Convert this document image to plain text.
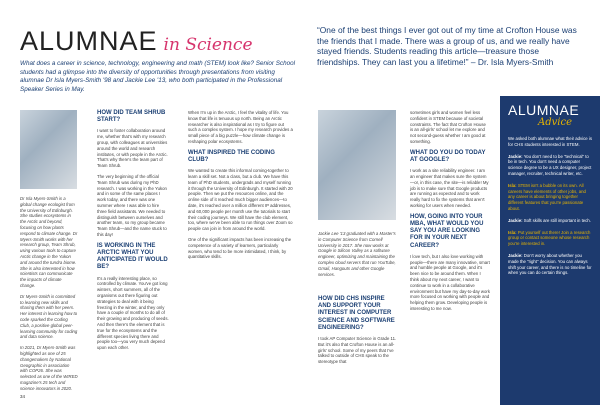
ALUMNAE in Science

What does a career in science, technology, engineering and math (STEM) look like? Senior School students had a glimpse into the diversity of opportunities through presentations from visiting alumnae Dr Isla Myers-Smith '98 and Jackie Lee '13, who both participated in the Professional Speaker Series in May.

“One of the best things I ever got out of my time at Crofton House was the friends that I made. There was a group of us, and we really have stayed friends. Students reading this article—treasure those friendships. They can last you a lifetime!” – Dr. Isla Myers-Smith

Dr Isla Myers-Smith is a global change ecologist from the University of Edinburgh. She studies ecosystems in the Arctic and beyond, focusing on how plants respond to climate change. Dr Myers-Smith works with her research group, Team Shrub, using various tools to capture Arctic change in the Yukon and around the tundra biome. She is also interested in how scientists can communicate the impacts of climate change.

Dr Myers-Smith is committed to learning new skills and sharing them with her peers. Her interest in learning how to code sparked the Coding Club, a positive global peer-learning community for coding and data science.

In 2021, Dr Myers-Smith was highlighted as one of 25 changemakers by National Geographic in association with COP26. She was selected as one of the WIRED magazine's 25 tech and science innovators in 2020.

HOW DID TEAM SHRUB START?

I want to foster collaboration around me, whether that's with my research group, with colleagues at universities around the world and research institutes, or with people in the Arctic. That's why there's the team part of Team Shrub.

The very beginning of the official Team Shrub was during my PhD research. I was working in the Yukon and in some of the same places I work today, and there was one summer where I was able to hire three field assistants. We needed to distinguish between ourselves and another team, so my group became Team Shrub—and the name stuck to this day!

IS WORKING IN THE ARCTIC WHAT YOU ANTICIPATED IT WOULD BE?

It's a really interesting place, so controlled by climate. You've got long winters, short summers, all of the organisms out there figuring out strategies to deal with it being freezing in the winter, and they only have a couple of months to do all of their growing and producing of seeds. And then there's the element that is true for the ecosystems and the different species living there and people too—you very much depend upon each other.

When I'm up in the Arctic, I feel the vitality of life. You know that life is tenuous up north. Being an Arctic researcher is also inspirational as I try to figure out such a complex system. I hope my research provides a small piece of a big puzzle—how climate change is reshaping polar ecosystems.

WHAT INSPIRED THE CODING CLUB?

We wanted to create this informal coming-together to learn a skill set. Not a class, but a club. We have this team of PhD students, undergrads and myself running it through the University of Edinburgh. It started with 20 people. Then we put the resources online, and the online side of it reached much bigger audiences—to date, it's reached over a million different IP addresses, and 60,000 people per month use the tutorials to start their coding journeys. We still have the club element, too, where we've been able to run things over Zoom so people can join in from around the world.

One of the significant impacts has been increasing the competence of a variety of learners, particularly women, who tend to be more intimidated, I think, by quantitative skills.

Jackie Lee '13 graduated with a Master's in Computer Science from Cornell University in 2017. She now works at Google in Silicon Valley as a software engineer, optimizing and maintaining the complex cloud servers that run YouTube, Gmail, Hangouts and other Google services.

HOW DID CHS INSPIRE AND SUPPORT YOUR INTEREST IN COMPUTER SCIENCE AND SOFTWARE ENGINEERING?

I took AP Computer Science in Grade 11. But it's also that Crofton House is an all-girls' school. Some of my peers that I've talked to outside of CHS speak to the stereotype that

sometimes girls and women feel less confident in STEM because of societal constraints. The fact that Crofton House is an all-girls' school let me explore and not second-guess whether I am good at something.

WHAT DO YOU DO TODAY AT GOOGLE?

I work as a site reliability engineer. I am an engineer that makes sure the system—or, in this case, the site—is reliable! My job is to make sure that Google products are running as expected and to work really hard to fix the systems that aren't working for users when needed.

HOW, GOING INTO YOUR MBA, WHAT WOULD YOU SAY YOU ARE LOOKING FOR IN YOUR NEXT CAREER?

I love tech, but I also love working with people—there are many innovative, smart and humble people at Google, and it's been nice to be around them. When I think about my next career, I want to continue to work in a collaborative environment but have my day-to-day work more focused on working with people and helping them grow. Developing people is interesting to me now.

ALUMNAE
Advice

We asked both alumnae what their advice is for CHS students interested in STEM.

Jackie: You don't need to be "technical" to be in tech. You don't need a computer science degree to be a UX designer, project manager, recruiter, technical writer, etc.

Isla: STEM isn't a bubble on its own. All careers have elements of other jobs, and any career is about bringing together different features that you're passionate about.

Jackie: Soft skills are still important in tech.

Isla: Put yourself out there! Join a research group or contact someone whose research you're interested in.

Jackie: Don't worry about whether you made the "right" decision. You can always shift your career, and there is no timeline for when you can do certain things.

34
